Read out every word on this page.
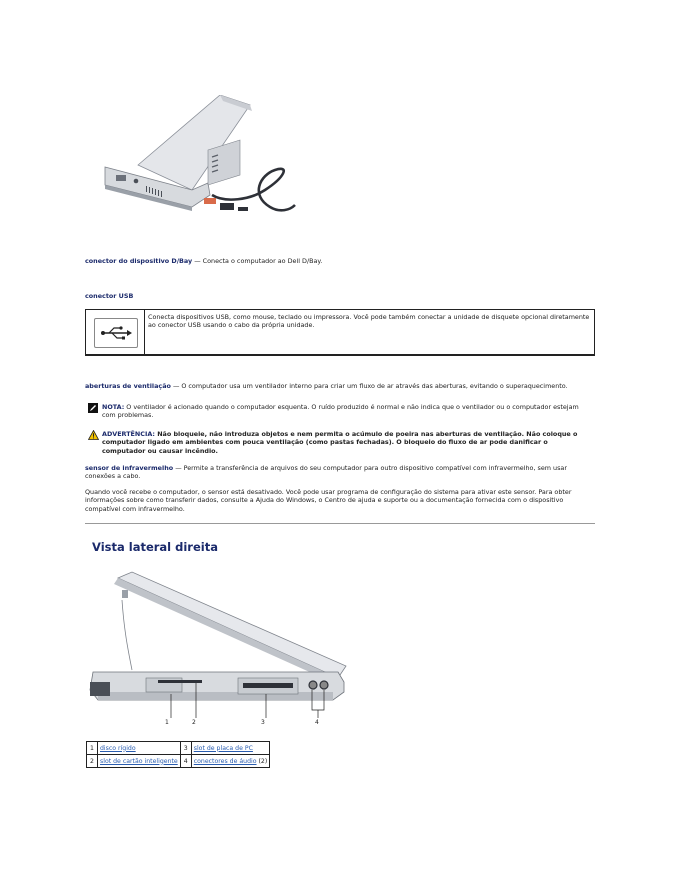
conector do dispositivo D/Bay — Conecta o computador ao Dell D/Bay.
conector USB
Conecta dispositivos USB, como mouse, teclado ou impressora. Você pode também conectar a unidade de disquete opcional diretamente ao conector USB usando o cabo da própria unidade.
aberturas de ventilação — O computador usa um ventilador interno para criar um fluxo de ar através das aberturas, evitando o superaquecimento.
NOTA: O ventilador é acionado quando o computador esquenta. O ruído produzido é normal e não indica que o ventilador ou o computador estejam com problemas.
ADVERTÊNCIA: Não bloqueie, não introduza objetos e nem permita o acúmulo de poeira nas aberturas de ventilação. Não coloque o computador ligado em ambientes com pouca ventilação (como pastas fechadas). O bloqueio do fluxo de ar pode danificar o computador ou causar incêndio.
sensor de infravermelho — Permite a transferência de arquivos do seu computador para outro dispositivo compatível com infravermelho, sem usar conexões a cabo.
Quando você recebe o computador, o sensor está desativado. Você pode usar programa de configuração do sistema para ativar este sensor. Para obter informações sobre como transferir dados, consulte a Ajuda do Windows, o Centro de ajuda e suporte ou a documentação fornecida com o dispositivo compatível com infravermelho.
Vista lateral direita
1	2	3	4
1	disco rígido	3	slot de placa de PC
2	slot de cartão inteligente	4	conectores de áudio (2)
